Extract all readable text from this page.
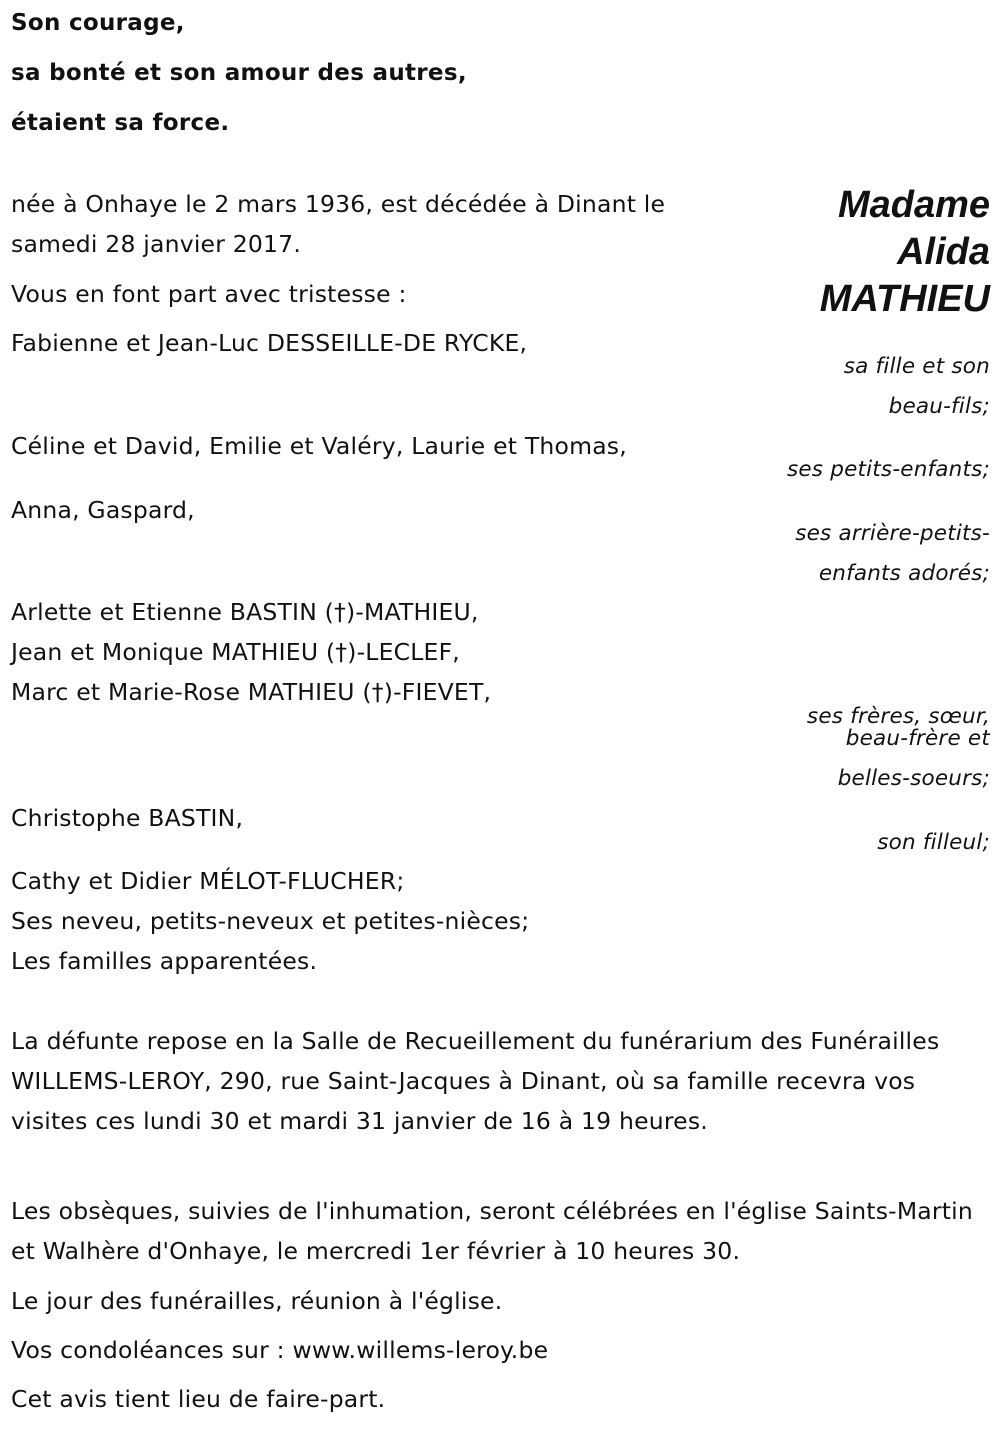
Son courage,
sa bonté et son amour des autres,
étaient sa force.
Madame
Alida
MATHIEU
née à Onhaye le 2 mars 1936, est décédée à Dinant le
samedi 28 janvier 2017.
Vous en font part avec tristesse :
Fabienne et Jean-Luc DESSEILLE-DE RYCKE,
Céline et David, Emilie et Valéry, Laurie et Thomas,
Anna, Gaspard,
Arlette et Etienne BASTIN (†)-MATHIEU,
Jean et Monique MATHIEU (†)-LECLEF,
Marc et Marie-Rose MATHIEU (†)-FIEVET,
Christophe BASTIN,
Cathy et Didier MÉLOT-FLUCHER;
Ses neveu, petits-neveux et petites-nièces;
Les familles apparentées.
sa fille et son
beau-fils;
ses petits-enfants;
ses arrière-petits-
enfants adorés;
ses frères, sœur,
beau-frère et
belles-soeurs;
son filleul;
La défunte repose en la Salle de Recueillement du funérarium des Funérailles WILLEMS-LEROY, 290, rue Saint-Jacques à Dinant, où sa famille recevra vos visites ces lundi 30 et mardi 31 janvier de 16 à 19 heures.
Les obsèques, suivies de l'inhumation, seront célébrées en l'église Saints-Martin et Walhère d'Onhaye, le mercredi 1er février à 10 heures 30.
Le jour des funérailles, réunion à l'église.
Vos condoléances sur : www.willems-leroy.be
Cet avis tient lieu de faire-part.
